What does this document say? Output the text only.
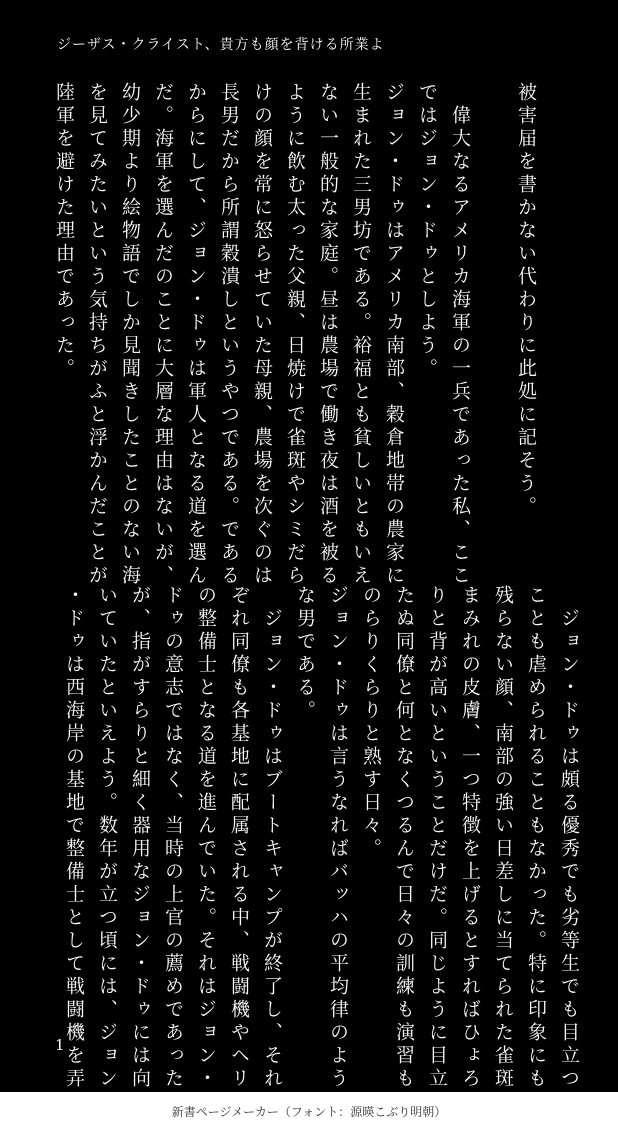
ジーザス・クライスト、貴方も顔を背ける所業よ
被害届を書かない代わりに此処に記そう。

　偉大なるアメリカ海軍の一兵であった私、ここ
ではジョン・ドゥとしよう。
ジョン・ドゥはアメリカ南部、穀倉地帯の農家に
生まれた三男坊である。裕福とも貧しいともいえ
ない一般的な家庭。昼は農場で働き夜は酒を被る
ように飲む太った父親、日焼けで雀斑やシミだら
けの顔を常に怒らせていた母親、農場を次ぐのは
長男だから所謂穀潰しというやつである。である
からにして、ジョン・ドゥは軍人となる道を選ん
だ。海軍を選んだのことに大層な理由はないが、
幼少期より絵物語でしか見聞きしたことのない海
を見てみたいという気持ちがふと浮かんだことが
陸軍を避けた理由であった。
　ジョン・ドゥは頗る優秀でも劣等生でも目立つ
ことも虐められることもなかった。特に印象にも
残らない顔、南部の強い日差しに当てられた雀斑
まみれの皮膚、一つ特徴を上げるとすればひょろ
りと背が高いということだけだ。同じように目立
たぬ同僚と何となくつるんで日々の訓練も演習も
のらりくらりと熟す日々。
ジョン・ドゥは言うなればバッハの平均律のよう
な男である。
　ジョン・ドゥはブートキャンプが終了し、それ
ぞれ同僚も各基地に配属される中、戦闘機やヘリ
の整備士となる道を進んでいた。それはジョン・
ドゥの意志ではなく、当時の上官の薦めであった
が、指がすらりと細く器用なジョン・ドゥには向
いていたといえよう。数年が立つ頃には、ジョン
・ドゥは西海岸の基地で整備士として戦闘機を弄
1
新書ページメーカー（フォント：源暎こぶり明朝）
